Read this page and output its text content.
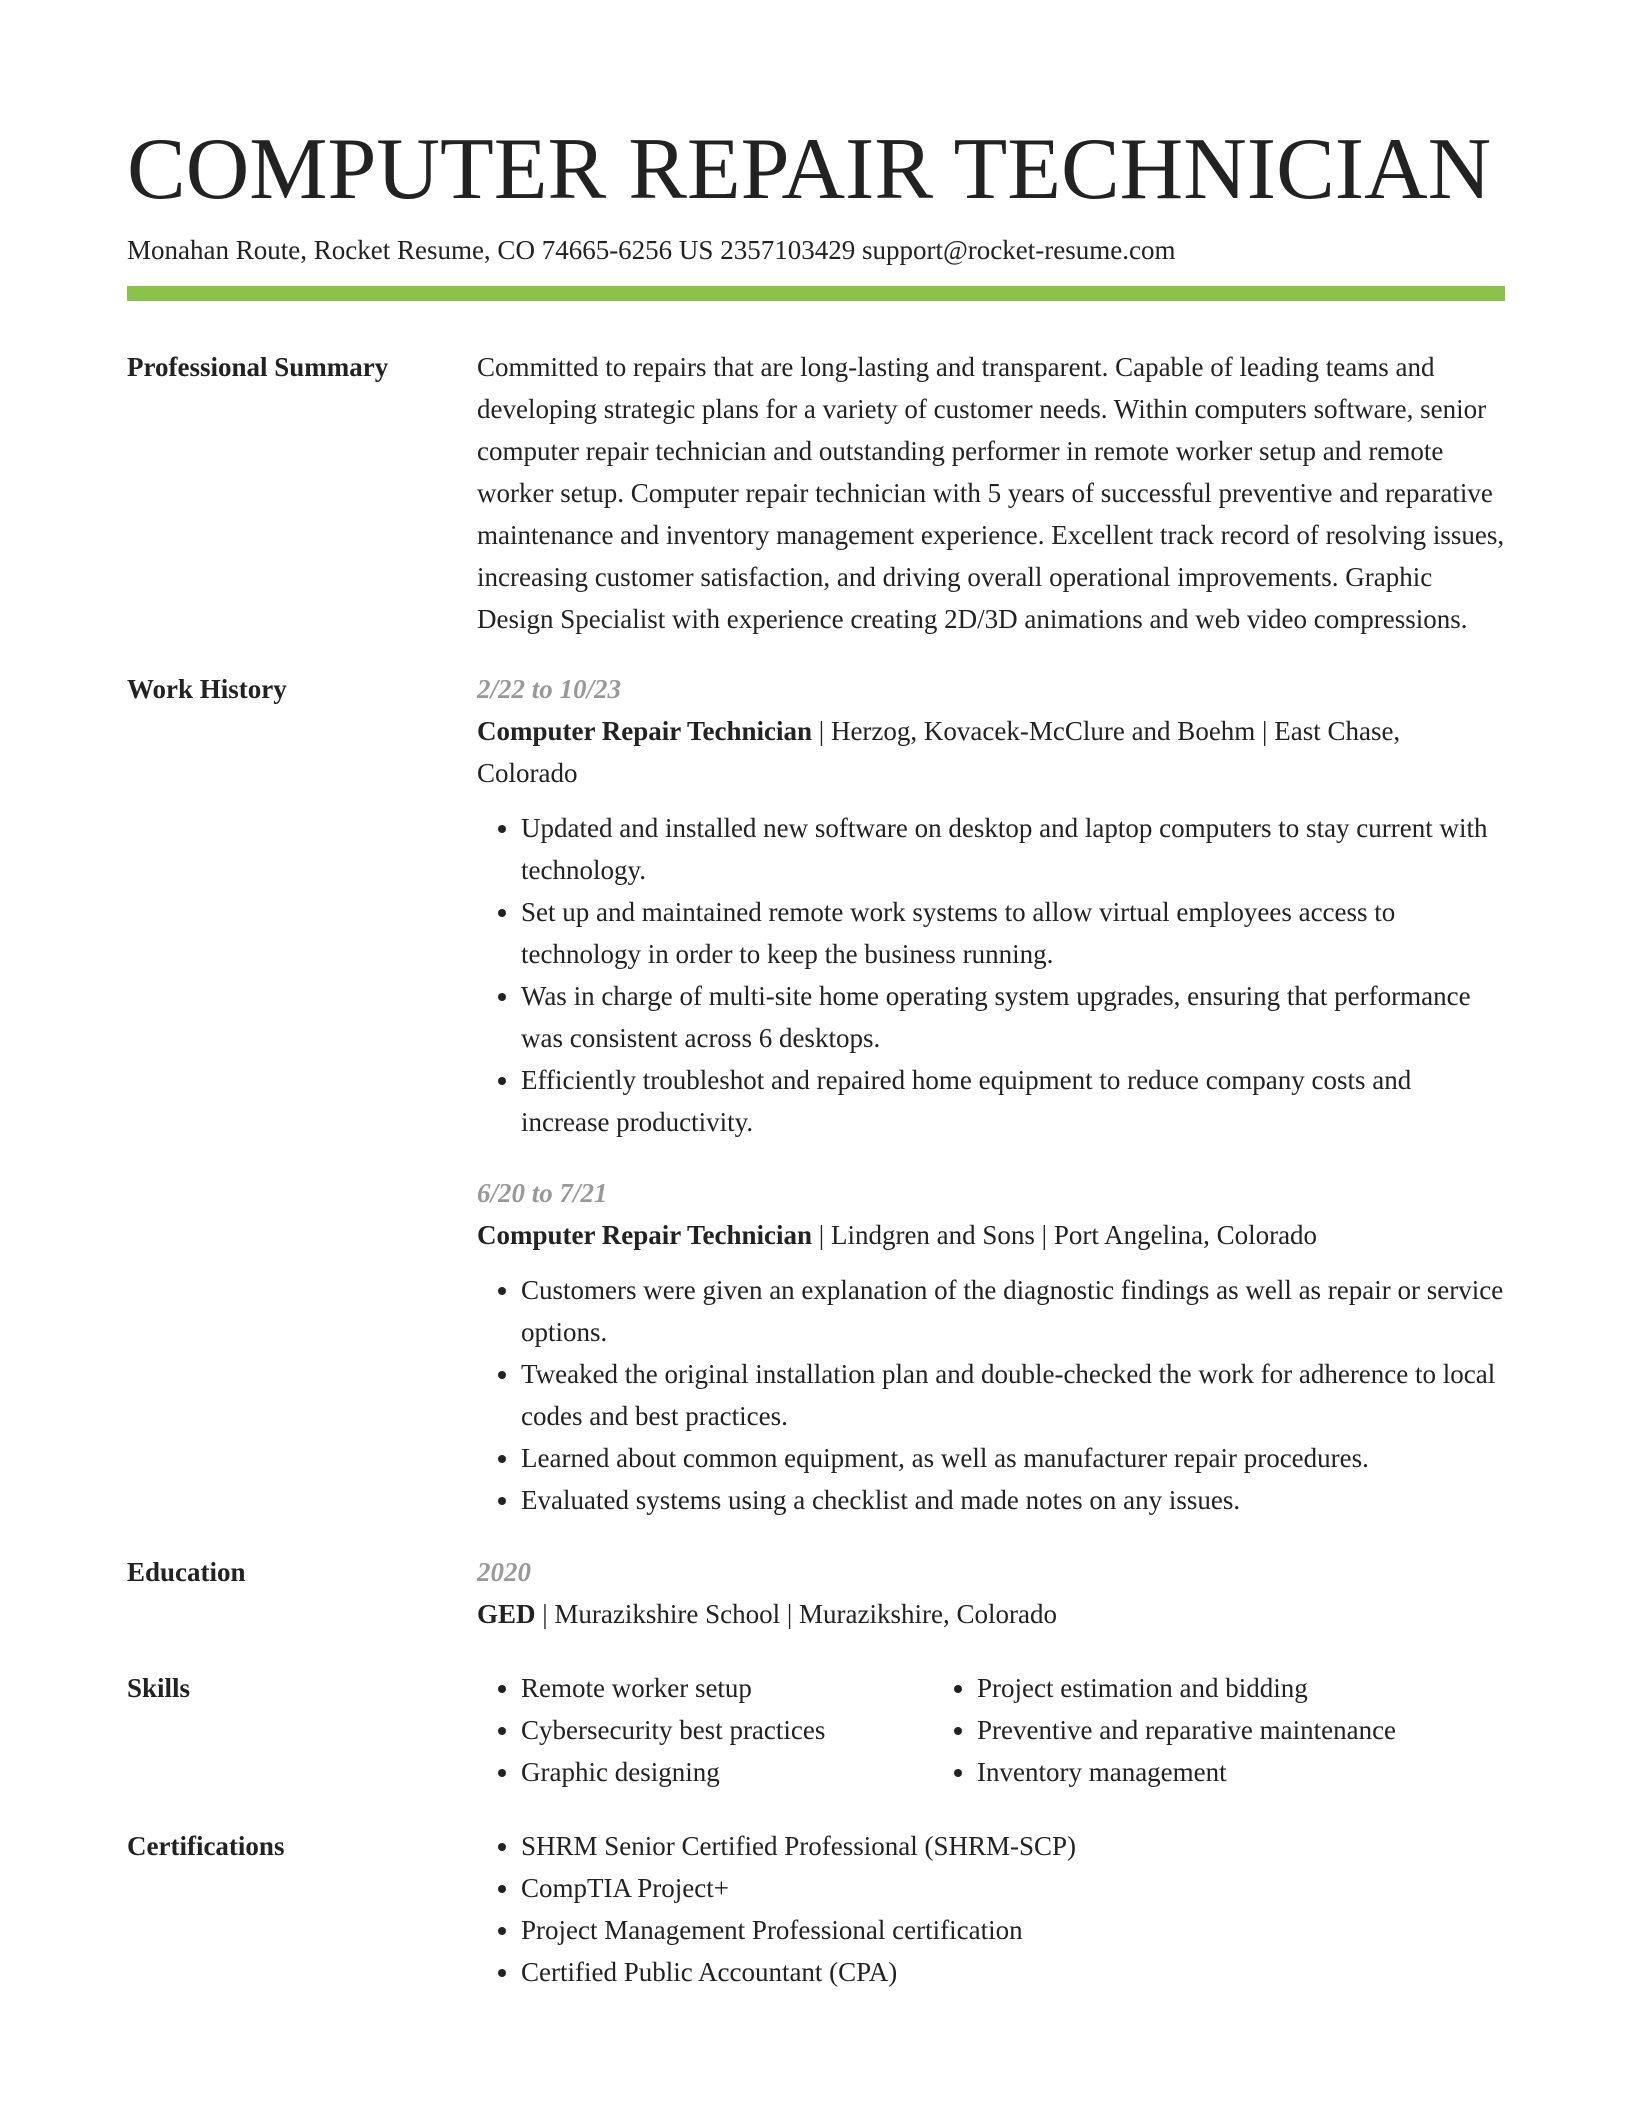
COMPUTER REPAIR TECHNICIAN
Monahan Route, Rocket Resume, CO 74665-6256 US 2357103429 support@rocket-resume.com
Professional Summary	Committed to repairs that are long-lasting and transparent. Capable of leading teams and developing strategic plans for a variety of customer needs. Within computers software, senior computer repair technician and outstanding performer in remote worker setup and remote worker setup. Computer repair technician with 5 years of successful preventive and reparative maintenance and inventory management experience. Excellent track record of resolving issues, increasing customer satisfaction, and driving overall operational improvements. Graphic Design Specialist with experience creating 2D/3D animations and web video compressions.

Work History	2/22 to 10/23
Computer Repair Technician | Herzog, Kovacek-McClure and Boehm | East Chase, Colorado
• Updated and installed new software on desktop and laptop computers to stay current with technology.
• Set up and maintained remote work systems to allow virtual employees access to technology in order to keep the business running.
• Was in charge of multi-site home operating system upgrades, ensuring that performance was consistent across 6 desktops.
• Efficiently troubleshot and repaired home equipment to reduce company costs and increase productivity.
6/20 to 7/21
Computer Repair Technician | Lindgren and Sons | Port Angelina, Colorado
• Customers were given an explanation of the diagnostic findings as well as repair or service options.
• Tweaked the original installation plan and double-checked the work for adherence to local codes and best practices.
• Learned about common equipment, as well as manufacturer repair procedures.
• Evaluated systems using a checklist and made notes on any issues.
Education	2020
GED | Murazikshire School | Murazikshire, Colorado
Skills	• Remote worker setup
• Cybersecurity best practices
• Graphic designing
• Project estimation and bidding
• Preventive and reparative maintenance
• Inventory management
Certifications	• SHRM Senior Certified Professional (SHRM-SCP)
• CompTIA Project+
• Project Management Professional certification
• Certified Public Accountant (CPA)
